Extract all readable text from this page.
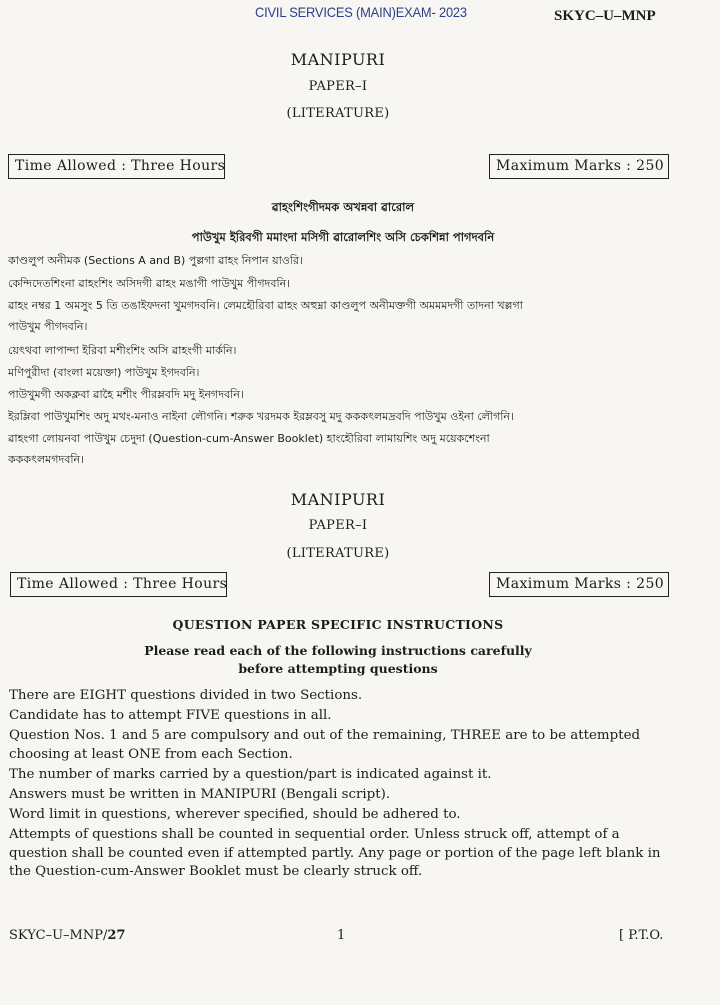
CIVIL SERVICES (MAIN)EXAM- 2023	SKYC–U–MNP
MANIPURI
PAPER–I
(LITERATURE)
Time Allowed : Three Hours	Maximum Marks : 250
ৱাহংশিংগীদমক অখন্নবা ৱারোল
পাউখুম ইরিবগী মমাংদা মসিগী ৱারোলশিং অসি চেকশিন্না পাগদবনি
কাণ্ডলুপ অনীমক (Sections A and B) পুল্লগা ৱাহং নিপান য়াওরি।
কেন্দিদেতশিংনা ৱাহংশিং অসিদগী ৱাহং মঙাগী পাউখুম পীগদবনি।
ৱাহং নম্বর 1 অমসুং 5 তি তঙাইফদনা খুমগদবনি। লেমহৌরিবা ৱাহং অহুম্না কাণ্ডলুপ অনীমক্তগী অমমমদগী তাদনা খল্লগা
পাউখুম পীগদবনি।
য়েৎথবা লাপান্দা ইরিবা মশীংশিং অসি ৱাহংগী মার্কনি।
মণিপুরীদা (বাংলা ময়েক্তা) পাউখুম ইগদবনি।
পাউখুমগী অকক্লবা ৱাহৈ মশীং পীরম্লবদি মদু ইনগদবনি।
ইরম্লিবা পাউখুমশিং অদু মথং-মনাও নাইনা লৌগনি। শরুক খরদমক ইরম্লবসু মদু কককৎলমদ্রবদি পাউখুম ওইনা লৌগনি।
ৱাহংগা লোয়নবা পাউখুম চেদুদা (Question-cum-Answer Booklet) হাংহৌরিবা লামায়শিং অদু ময়েকশেংনা
কককৎলমগদবনি।
MANIPURI
PAPER–I
(LITERATURE)
Time Allowed : Three Hours	Maximum Marks : 250
QUESTION PAPER SPECIFIC INSTRUCTIONS
Please read each of the following instructions carefully
before attempting questions
There are EIGHT questions divided in two Sections.
Candidate has to attempt FIVE questions in all.
Question Nos. 1 and 5 are compulsory and out of the remaining, THREE are to be attempted choosing at least ONE from each Section.
The number of marks carried by a question/part is indicated against it.
Answers must be written in MANIPURI (Bengali script).
Word limit in questions, wherever specified, should be adhered to.
Attempts of questions shall be counted in sequential order. Unless struck off, attempt of a question shall be counted even if attempted partly. Any page or portion of the page left blank in the Question-cum-Answer Booklet must be clearly struck off.
SKYC–U–MNP/27	1	[ P.T.O.
